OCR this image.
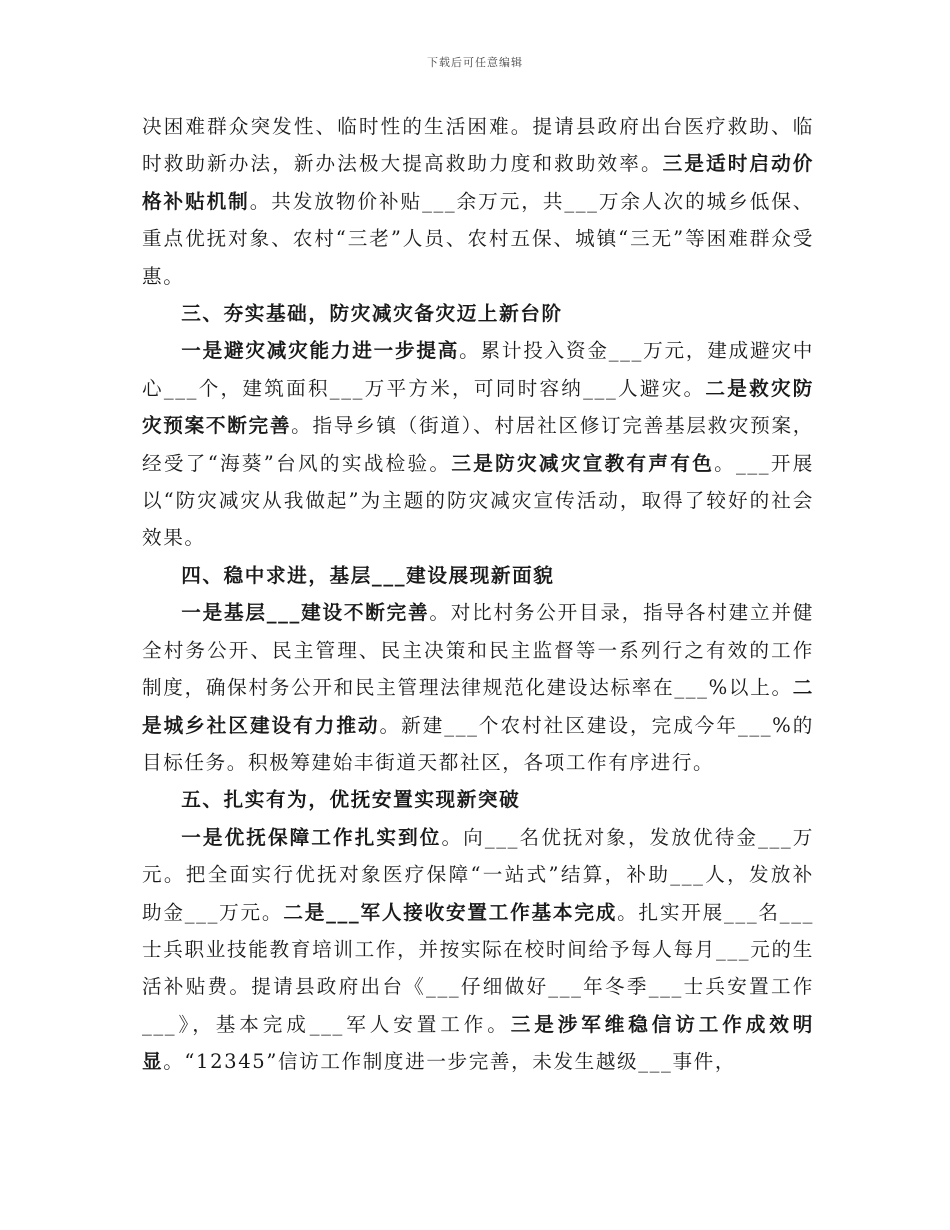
下载后可任意编辑

决困难群众突发性、临时性的生活困难。提请县政府出台医疗救助、临时救助新办法，新办法极大提高救助力度和救助效率。三是适时启动价格补贴机制。共发放物价补贴___余万元，共___万余人次的城乡低保、重点优抚对象、农村“三老”人员、农村五保、城镇“三无”等困难群众受惠。

三、夯实基础，防灾减灾备灾迈上新台阶

一是避灾减灾能力进一步提高。累计投入资金___万元，建成避灾中心___个，建筑面积___万平方米，可同时容纳___人避灾。二是救灾防灾预案不断完善。指导乡镇（街道）、村居社区修订完善基层救灾预案，经受了“海葵”台风的实战检验。三是防灾减灾宣教有声有色。___开展以“防灾减灾从我做起”为主题的防灾减灾宣传活动，取得了较好的社会效果。

四、稳中求进，基层___建设展现新面貌

一是基层___建设不断完善。对比村务公开目录，指导各村建立并健全村务公开、民主管理、民主决策和民主监督等一系列行之有效的工作制度，确保村务公开和民主管理法律规范化建设达标率在___%以上。二是城乡社区建设有力推动。新建___个农村社区建设，完成今年___%的目标任务。积极筹建始丰街道天都社区，各项工作有序进行。

五、扎实有为，优抚安置实现新突破

一是优抚保障工作扎实到位。向___名优抚对象，发放优待金___万元。把全面实行优抚对象医疗保障“一站式”结算，补助___人，发放补助金___万元。二是___军人接收安置工作基本完成。扎实开展___名___士兵职业技能教育培训工作，并按实际在校时间给予每人每月___元的生活补贴费。提请县政府出台《___仔细做好___年冬季___士兵安置工作___》，基本完成___军人安置工作。三是涉军维稳信访工作成效明显。“12345”信访工作制度进一步完善，未发生越级___事件，
